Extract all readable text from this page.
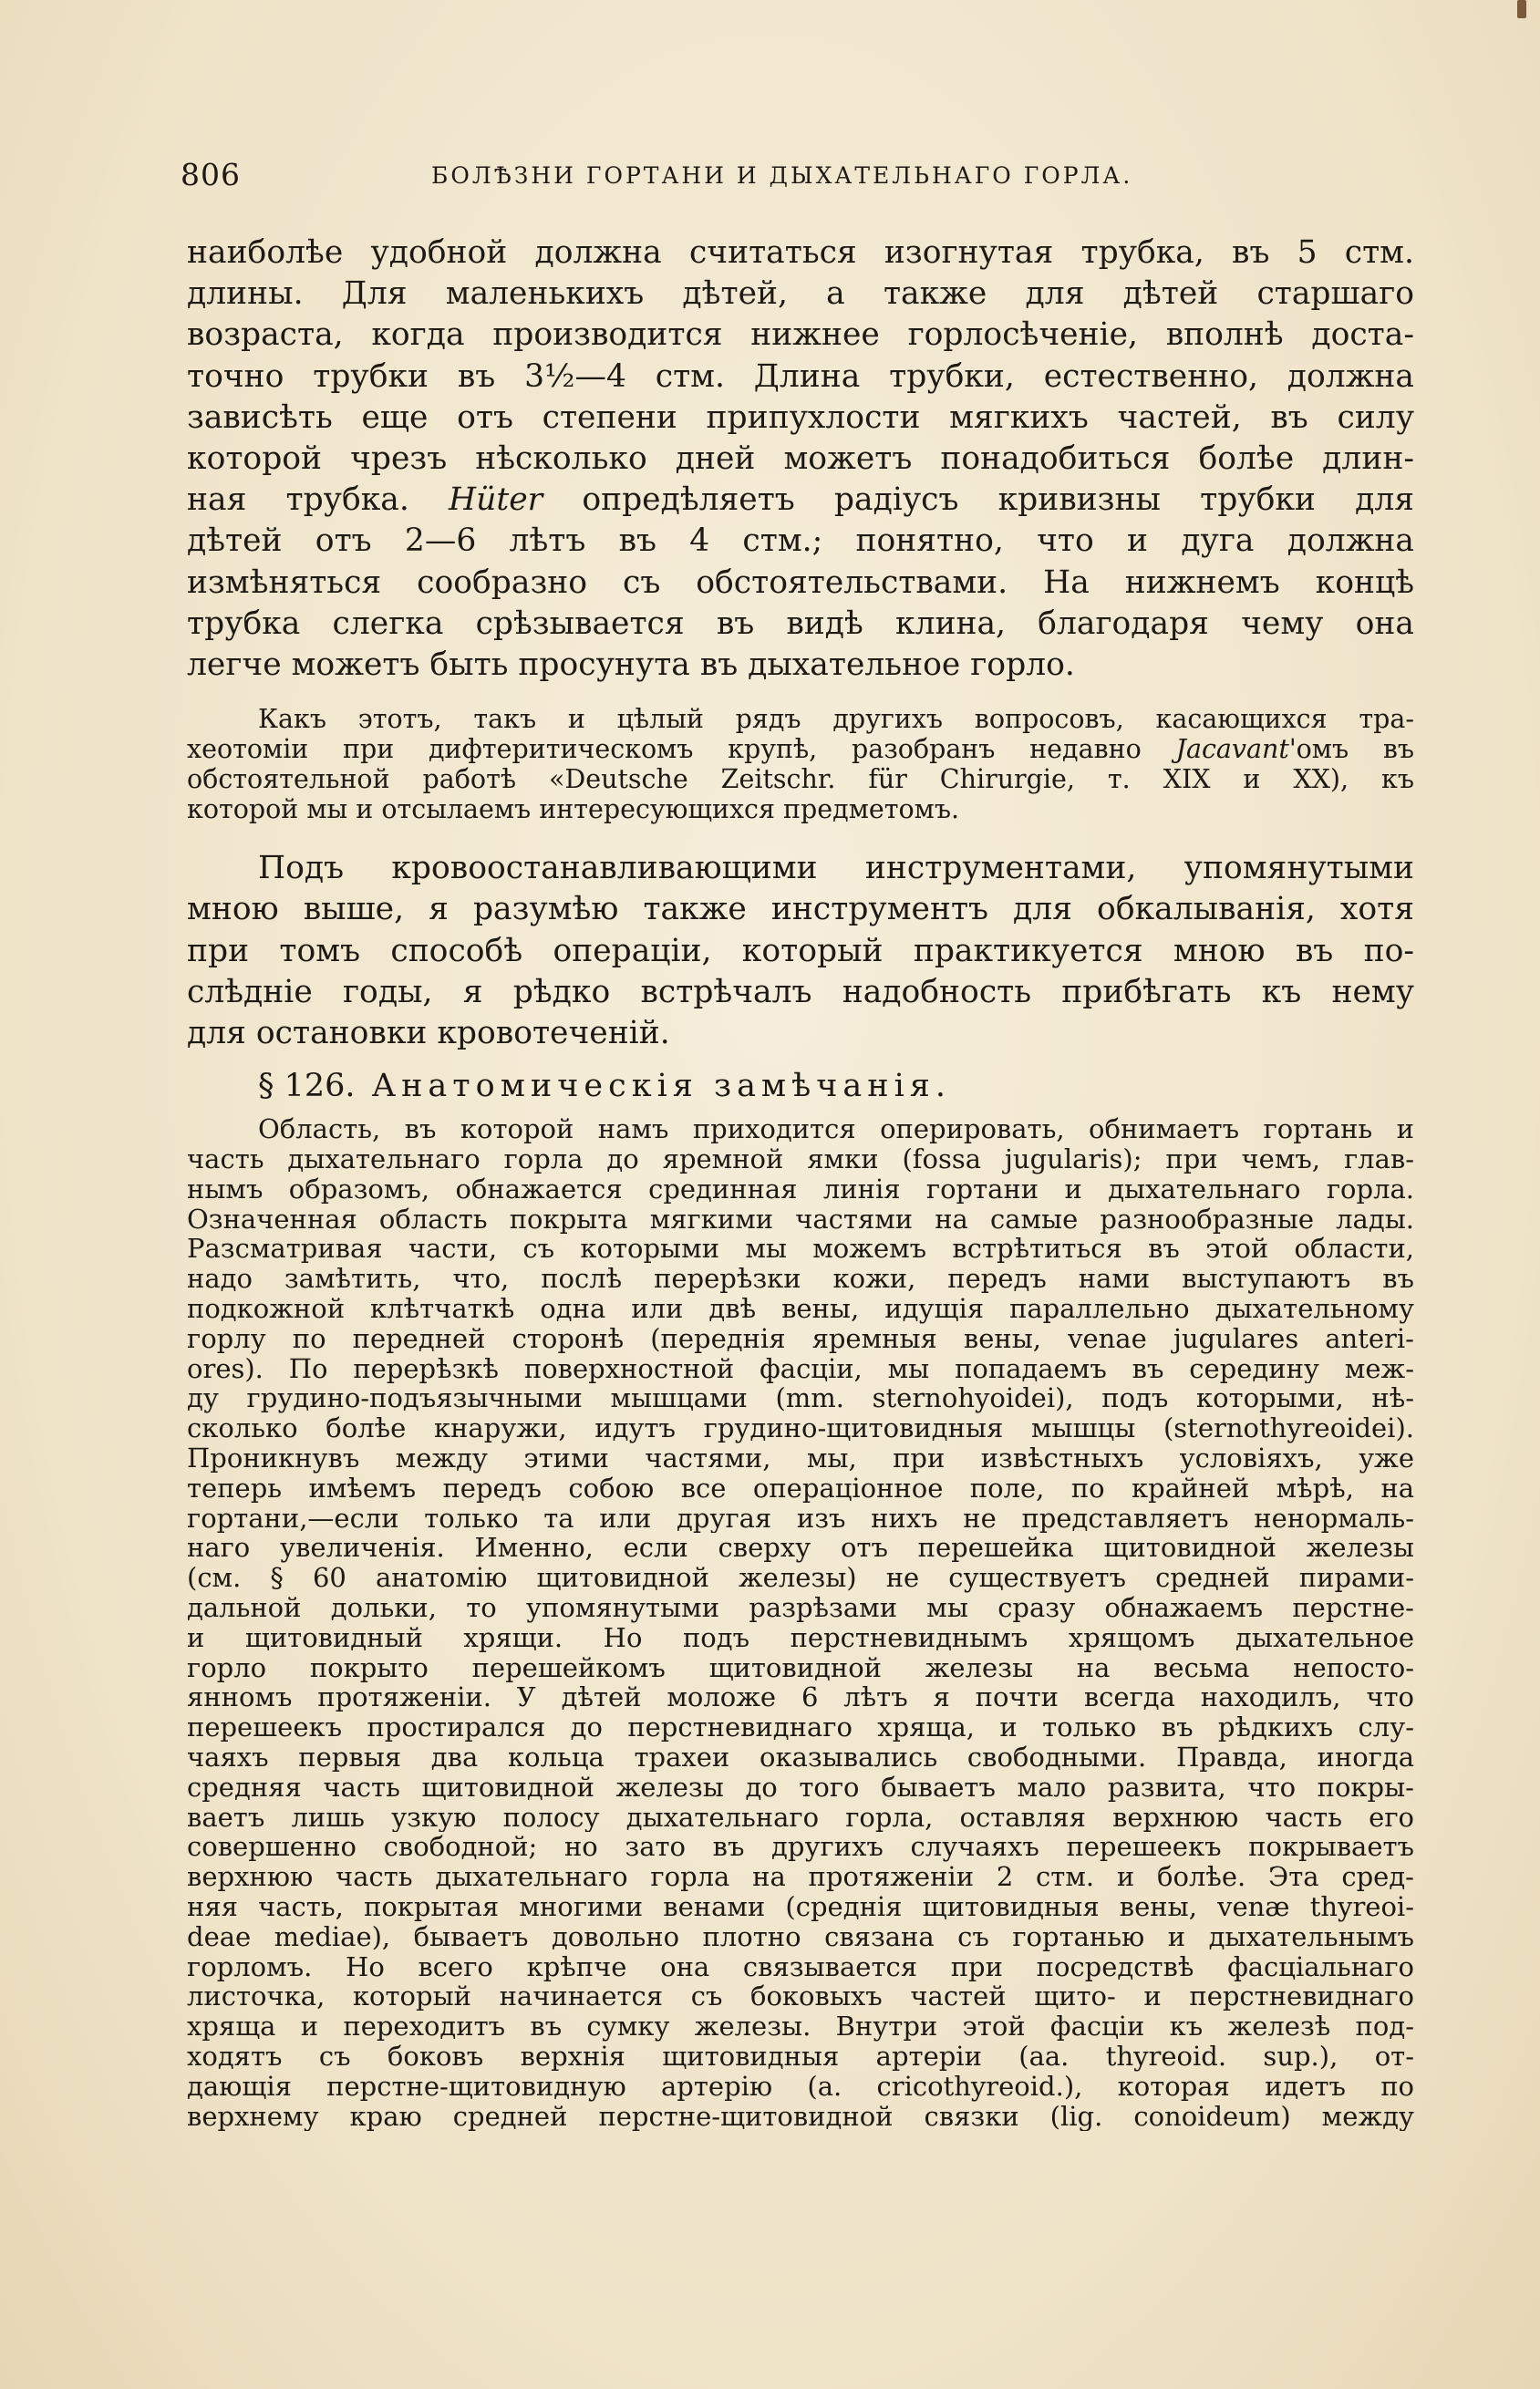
806	БОЛѢЗНИ ГОРТАНИ И ДЫХАТЕЛЬНАГО ГОРЛА.
наиболѣе удобной должна считаться изогнутая трубка, въ 5 стм.
длины. Для маленькихъ дѣтей, а также для дѣтей старшаго
возраста, когда производится нижнее горлосѣченіе, вполнѣ доста-
точно трубки въ 3½—4 стм. Длина трубки, естественно, должна
зависѣть еще отъ степени припухлости мягкихъ частей, въ силу
которой чрезъ нѣсколько дней можетъ понадобиться болѣе длин-
ная трубка. Hüter опредѣляетъ радіусъ кривизны трубки для
дѣтей отъ 2—6 лѣтъ въ 4 стм.; понятно, что и дуга должна
измѣняться сообразно съ обстоятельствами. На нижнемъ концѣ
трубка слегка срѣзывается въ видѣ клина, благодаря чему она
легче можетъ быть просунута въ дыхательное горло.
Какъ этотъ, такъ и цѣлый рядъ другихъ вопросовъ, касающихся тра-
хеотоміи при дифтеритическомъ крупѣ, разобранъ недавно Jacavant'омъ въ
обстоятельной работѣ «Deutsche Zeitschr. für Chirurgie, т. XIX и XX), къ
которой мы и отсылаемъ интересующихся предметомъ.
Подъ кровоостанавливающими инструментами, упомянутыми
мною выше, я разумѣю также инструментъ для обкалыванія, хотя
при томъ способѣ операціи, который практикуется мною въ по-
слѣдніе годы, я рѣдко встрѣчалъ надобность прибѣгать къ нему
для остановки кровотеченій.
§ 126. Анатомическія замѣчанія.
Область, въ которой намъ приходится оперировать, обнимаетъ гортань и
часть дыхательнаго горла до яремной ямки (fossa jugularis); при чемъ, глав-
нымъ образомъ, обнажается срединная линія гортани и дыхательнаго горла.
Означенная область покрыта мягкими частями на самые разнообразные лады.
Разсматривая части, съ которыми мы можемъ встрѣтиться въ этой области,
надо замѣтить, что, послѣ перерѣзки кожи, передъ нами выступаютъ въ
подкожной клѣтчаткѣ одна или двѣ вены, идущія параллельно дыхательному
горлу по передней сторонѣ (переднія яремныя вены, venae jugulares anteri-
ores). По перерѣзкѣ поверхностной фасціи, мы попадаемъ въ середину меж-
ду грудино-подъязычными мышцами (mm. sternohyoidei), подъ которыми, нѣ-
сколько болѣе кнаружи, идутъ грудино-щитовидныя мышцы (sternothyreoidei).
Проникнувъ между этими частями, мы, при извѣстныхъ условіяхъ, уже
теперь имѣемъ передъ собою все операціонное поле, по крайней мѣрѣ, на
гортани,—если только та или другая изъ нихъ не представляетъ ненормаль-
наго увеличенія. Именно, если сверху отъ перешейка щитовидной железы
(см. § 60 анатомію щитовидной железы) не существуетъ средней пирами-
дальной дольки, то упомянутыми разрѣзами мы сразу обнажаемъ перстне-
и щитовидный хрящи. Но подъ перстневиднымъ хрящомъ дыхательное
горло покрыто перешейкомъ щитовидной железы на весьма непосто-
янномъ протяженіи. У дѣтей моложе 6 лѣтъ я почти всегда находилъ, что
перешеекъ простирался до перстневиднаго хряща, и только въ рѣдкихъ слу-
чаяхъ первыя два кольца трахеи оказывались свободными. Правда, иногда
средняя часть щитовидной железы до того бываетъ мало развита, что покры-
ваетъ лишь узкую полосу дыхательнаго горла, оставляя верхнюю часть его
совершенно свободной; но зато въ другихъ случаяхъ перешеекъ покрываетъ
верхнюю часть дыхательнаго горла на протяженіи 2 стм. и болѣе. Эта сред-
няя часть, покрытая многими венами (среднія щитовидныя вены, venæ thyreoi-
deae mediae), бываетъ довольно плотно связана съ гортанью и дыхательнымъ
горломъ. Но всего крѣпче она связывается при посредствѣ фасціальнаго
листочка, который начинается съ боковыхъ частей щито- и перстневиднаго
хряща и переходитъ въ сумку железы. Внутри этой фасціи къ железѣ под-
ходятъ съ боковъ верхнія щитовидныя артеріи (aa. thyreoid. sup.), от-
дающія перстне-щитовидную артерію (a. cricothyreoid.), которая идетъ по
верхнему краю средней перстне-щитовидной связки (lig. conoideum) между
